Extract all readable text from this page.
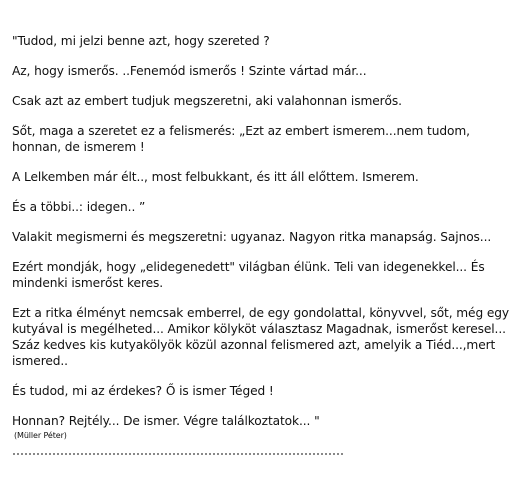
"Tudod, mi jelzi benne azt, hogy szereted ?

Az, hogy ismerős. ..Fenemód ismerős ! Szinte vártad már...

Csak azt az embert tudjuk megszeretni, aki valahonnan ismerős.

Sőt, maga a szeretet ez a felismerés: „Ezt az embert ismerem...nem tudom, honnan, de ismerem !

A Lelkemben már élt.., most felbukkant, és itt áll előttem. Ismerem.

És a többi..: idegen.. ”

Valakit megismerni és megszeretni: ugyanaz. Nagyon ritka manapság. Sajnos...

Ezért mondják, hogy „elidegenedett" világban élünk. Teli van idegenekkel... És mindenki ismerőst keres.

Ezt a ritka élményt nemcsak emberrel, de egy gondolattal, könyvvel, sőt, még egy kutyával is megélheted... Amikor kölyköt választasz Magadnak, ismerőst keresel... Száz kedves kis kutyakölyök közül azonnal felismered azt, amelyik a Tiéd...,mert ismered..

És tudod, mi az érdekes? Ő is ismer Téged !

Honnan? Rejtély... De ismer. Végre találkoztatok... "

(Müller Péter)
